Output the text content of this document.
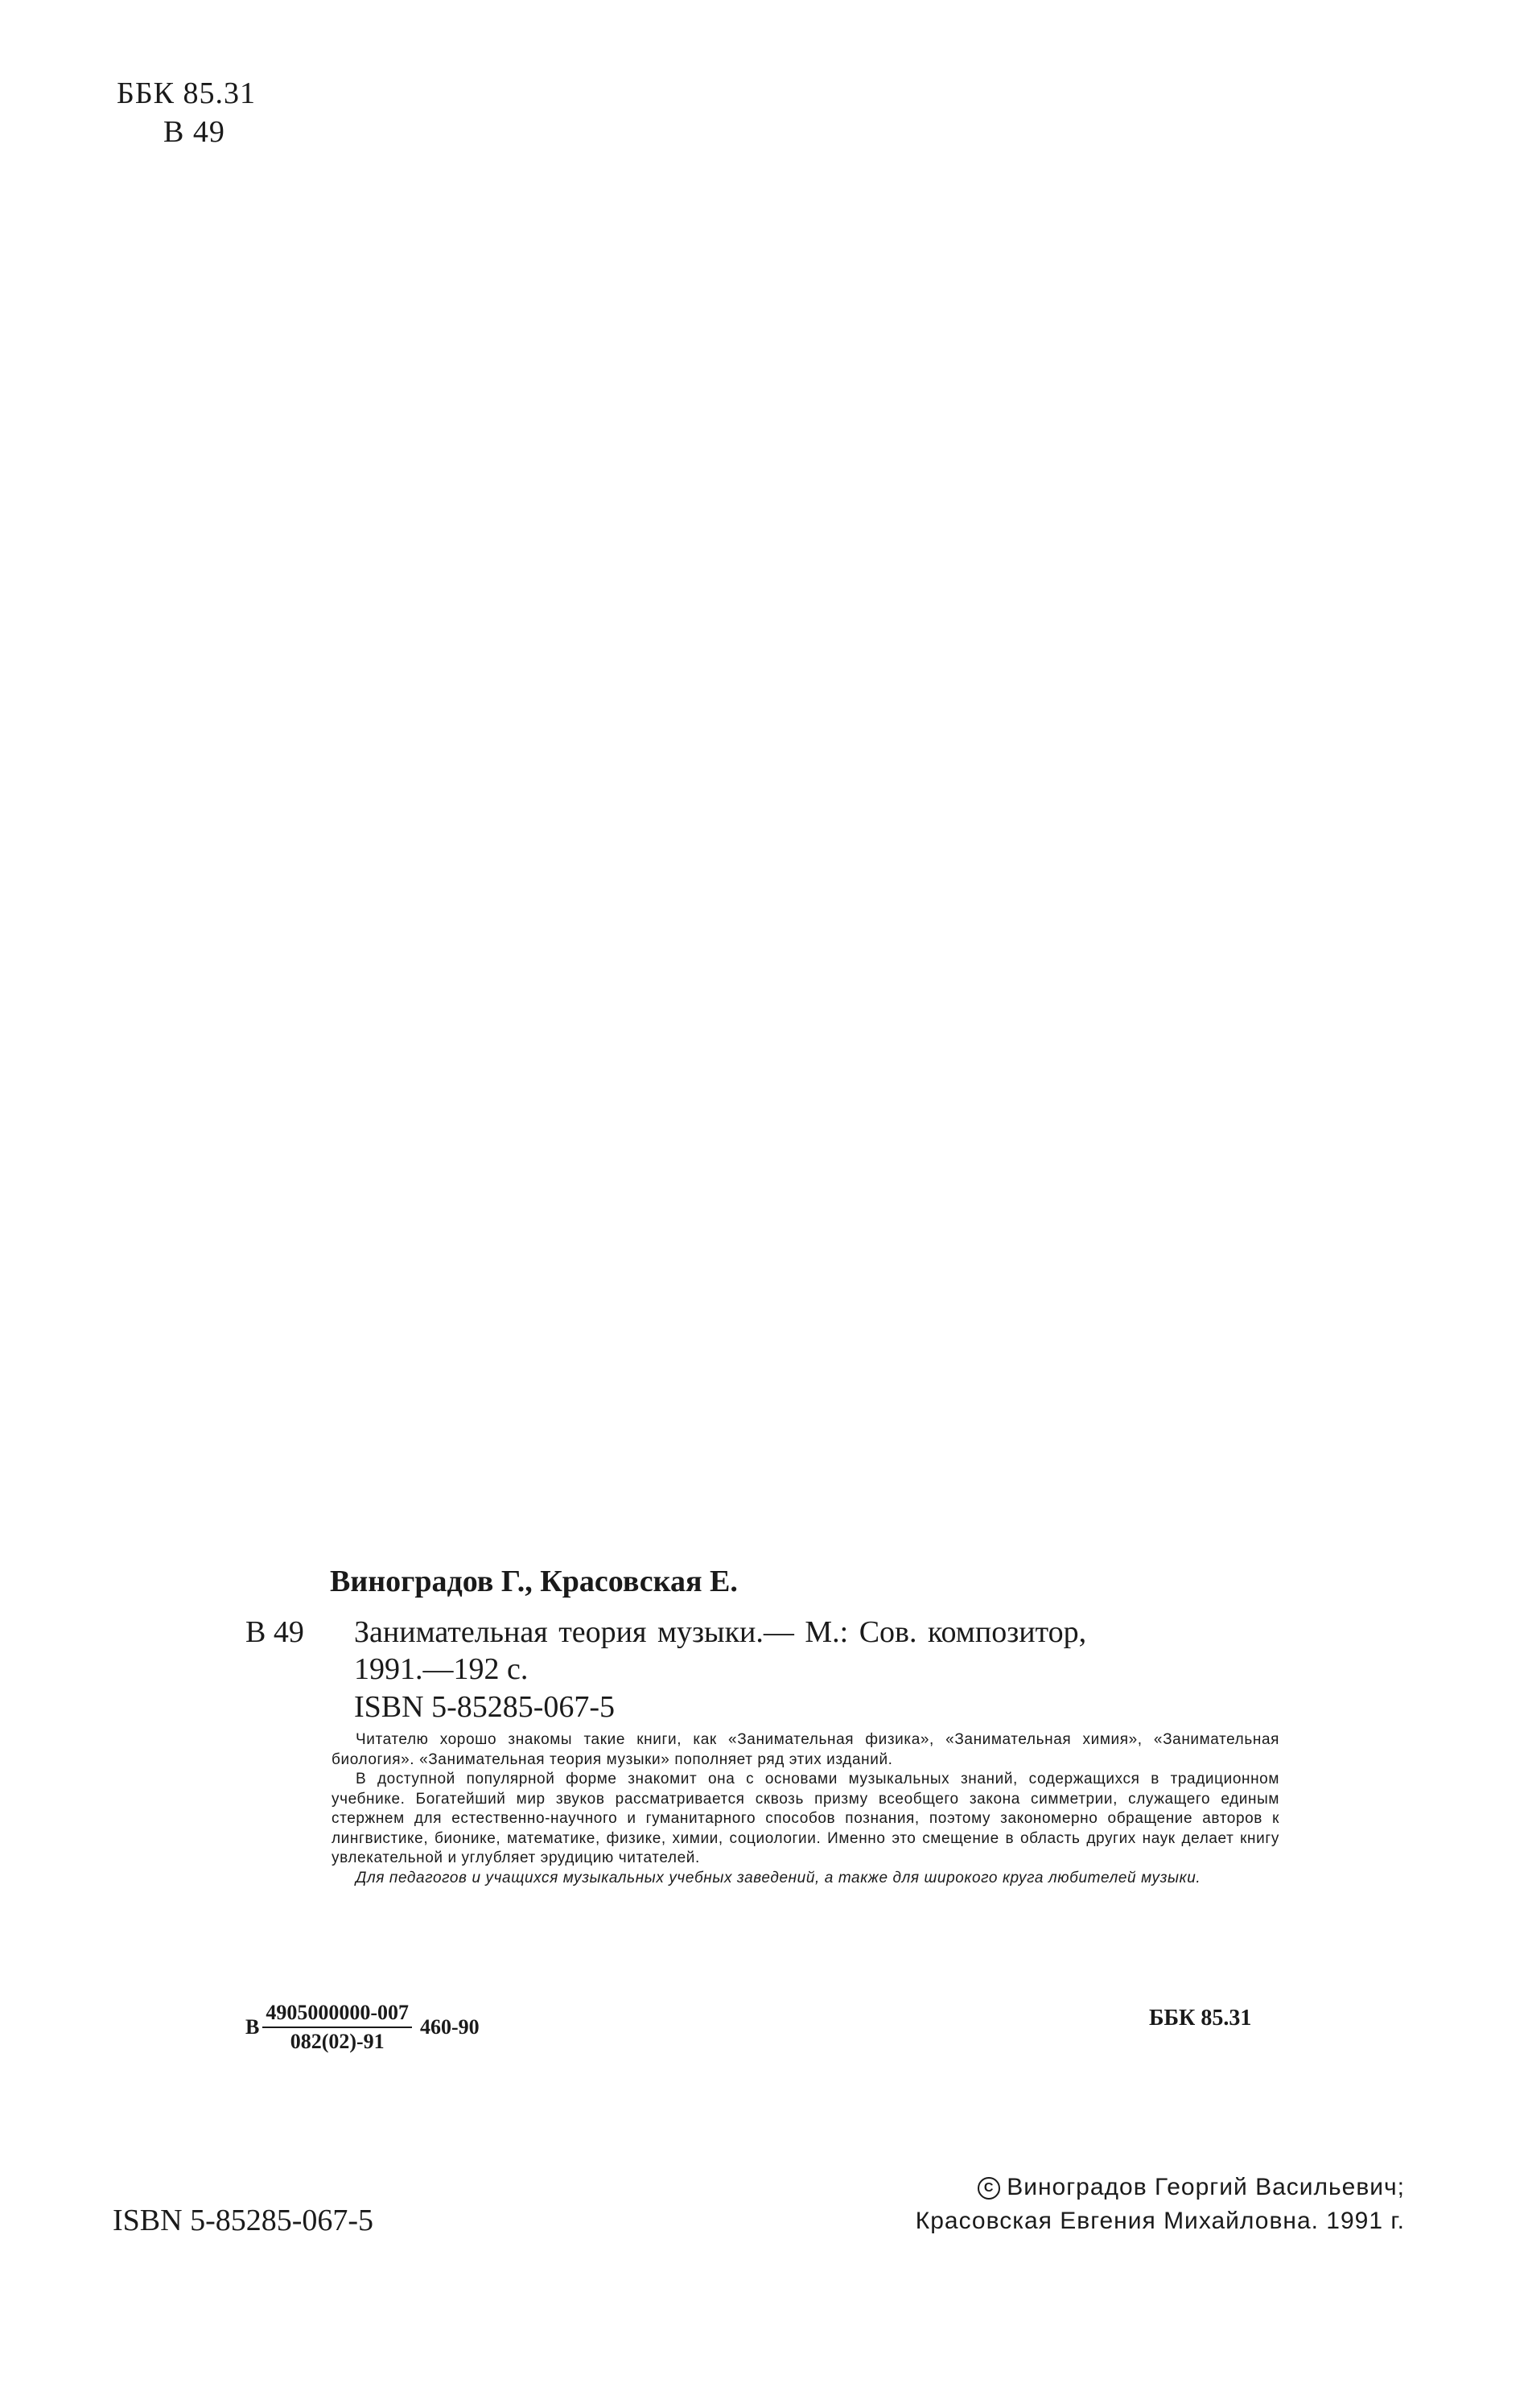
ББК 85.31
В 49
Виноградов Г., Красовская Е.
В 49 Занимательная теория музыки.— М.: Сов. композитор,
1991.—192 с.
ISBN 5-85285-067-5

Читателю хорошо знакомы такие книги, как «Занимательная физика», «Занимательная химия», «Занимательная биология». «Занимательная теория музыки» пополняет ряд этих изданий.

В доступной популярной форме знакомит она с основами музыкальных знаний, содержащихся в традиционном учебнике. Богатейший мир звуков рассматривается сквозь призму всеобщего закона симметрии, служащего единым стержнем для естественно-научного и гуманитарного способов познания, поэтому закономерно обращение авторов к лингвистике, бионике, математике, физике, химии, социологии. Именно это смещение в область других наук делает книгу увлекательной и углубляет эрудицию читателей.

Для педагогов и учащихся музыкальных учебных заведений, а также для широкого круга любителей музыки.

В $\frac{4905000000-007}{082(02)-91} 460-90$	ББК 85.31
ISBN 5-85285-067-5
C Виноградов Георгий Васильевич;
Красовская Евгения Михайловна. 1991 г.
